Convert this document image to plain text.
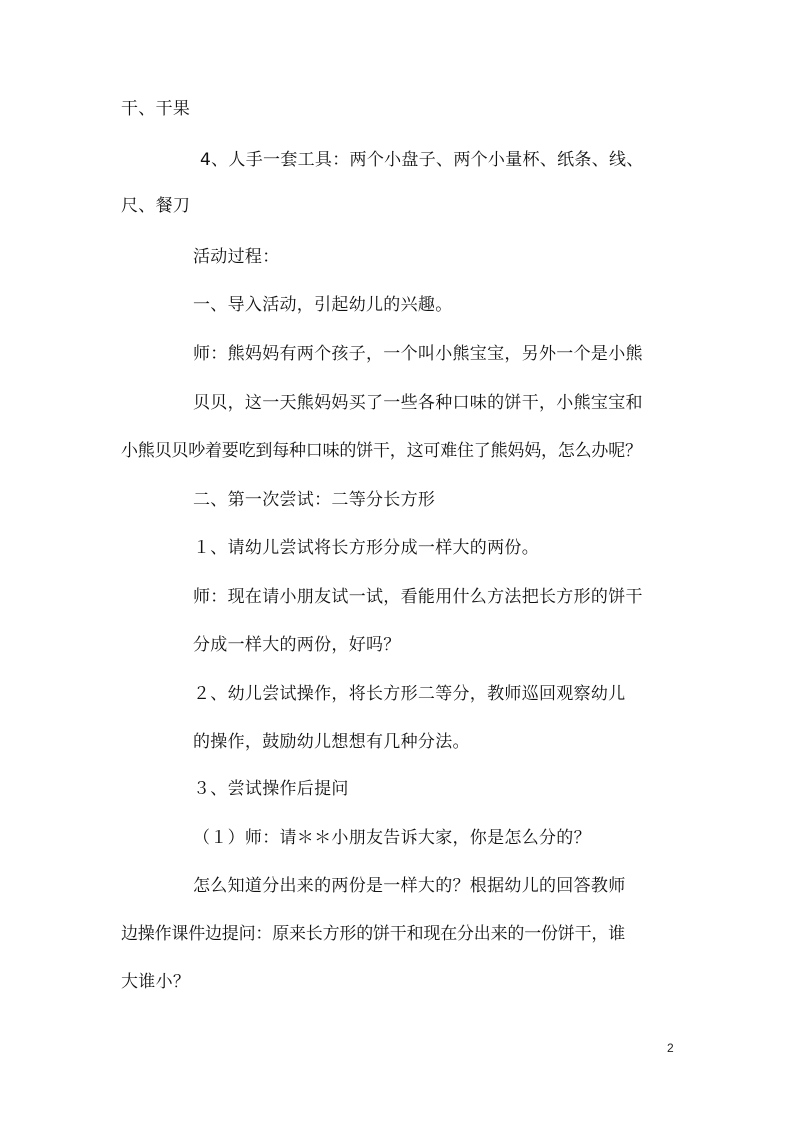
干、干果
4、人手一套工具：两个小盘子、两个小量杯、纸条、线、
尺、餐刀
活动过程：
一、导入活动，引起幼儿的兴趣。
师：熊妈妈有两个孩子，一个叫小熊宝宝，另外一个是小熊
贝贝，这一天熊妈妈买了一些各种口味的饼干，小熊宝宝和
小熊贝贝吵着要吃到每种口味的饼干，这可难住了熊妈妈，怎么办呢？
二、第一次尝试：二等分长方形
１、请幼儿尝试将长方形分成一样大的两份。
师：现在请小朋友试一试，看能用什么方法把长方形的饼干
分成一样大的两份，好吗？
２、幼儿尝试操作，将长方形二等分，教师巡回观察幼儿
的操作，鼓励幼儿想想有几种分法。
３、尝试操作后提问
（１）师：请＊＊小朋友告诉大家，你是怎么分的？
怎么知道分出来的两份是一样大的？根据幼儿的回答教师
边操作课件边提问：原来长方形的饼干和现在分出来的一份饼干，谁
大谁小？
2
